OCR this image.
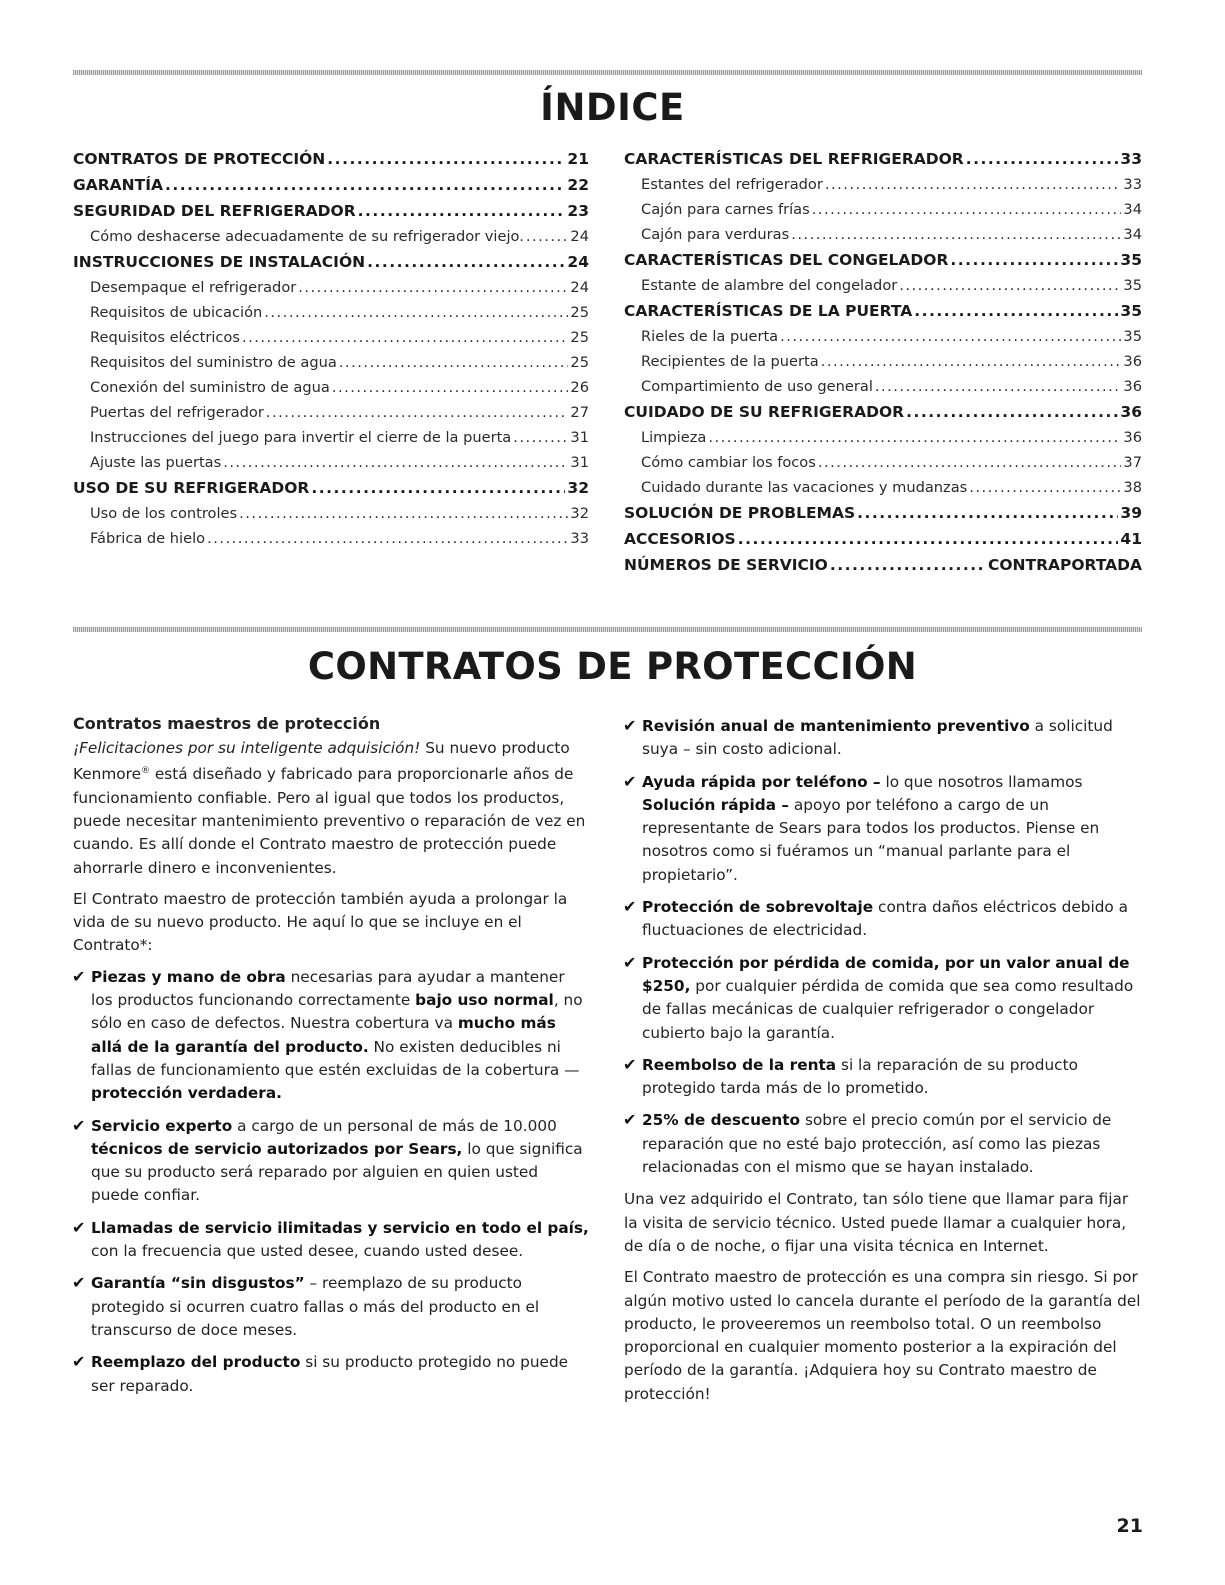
ÍNDICE
CONTRATOS DE PROTECCIÓN .....	21
GARANTÍA .....	22
SEGURIDAD DEL REFRIGERADOR .....	23
Cómo deshacerse adecuadamente de su refrigerador viejo. .....	24
INSTRUCCIONES DE INSTALACIÓN .....	24
Desempaque el refrigerador .....	24
Requisitos de ubicación .....	25
Requisitos eléctricos .....	25
Requisitos del suministro de agua .....	25
Conexión del suministro de agua .....	26
Puertas del refrigerador .....	27
Instrucciones del juego para invertir el cierre de la puerta .....	31
Ajuste las puertas .....	31
USO DE SU REFRIGERADOR .....	32
Uso de los controles .....	32
Fábrica de hielo .....	33
CARACTERÍSTICAS DEL REFRIGERADOR .....	33
Estantes del refrigerador .....	33
Cajón para carnes frías .....	34
Cajón para verduras .....	34
CARACTERÍSTICAS DEL CONGELADOR .....	35
Estante de alambre del congelador .....	35
CARACTERÍSTICAS DE LA PUERTA .....	35
Rieles de la puerta .....	35
Recipientes de la puerta .....	36
Compartimiento de uso general .....	36
CUIDADO DE SU REFRIGERADOR .....	36
Limpieza .....	36
Cómo cambiar los focos .....	37
Cuidado durante las vacaciones y mudanzas .....	38
SOLUCIÓN DE PROBLEMAS .....	39
ACCESORIOS .....	41
NÚMEROS DE SERVICIO .....	CONTRAPORTADA
CONTRATOS DE PROTECCIÓN
Contratos maestros de protección

¡Felicitaciones por su inteligente adquisición! Su nuevo producto Kenmore® está diseñado y fabricado para proporcionarle años de funcionamiento confiable. Pero al igual que todos los productos, puede necesitar mantenimiento preventivo o reparación de vez en cuando. Es allí donde el Contrato maestro de protección puede ahorrarle dinero e inconvenientes.

El Contrato maestro de protección también ayuda a prolongar la vida de su nuevo producto. He aquí lo que se incluye en el Contrato*:

✔ Piezas y mano de obra necesarias para ayudar a mantener los productos funcionando correctamente bajo uso normal, no sólo en caso de defectos. Nuestra cobertura va mucho más allá de la garantía del producto. No existen deducibles ni fallas de funcionamiento que estén excluidas de la cobertura — protección verdadera.
✔ Servicio experto a cargo de un personal de más de 10.000 técnicos de servicio autorizados por Sears, lo que significa que su producto será reparado por alguien en quien usted puede confiar.
✔ Llamadas de servicio ilimitadas y servicio en todo el país, con la frecuencia que usted desee, cuando usted desee.
✔ Garantía “sin disgustos” – reemplazo de su producto protegido si ocurren cuatro fallas o más del producto en el transcurso de doce meses.
✔ Reemplazo del producto si su producto protegido no puede ser reparado.
✔ Revisión anual de mantenimiento preventivo a solicitud suya – sin costo adicional.
✔ Ayuda rápida por teléfono – lo que nosotros llamamos Solución rápida – apoyo por teléfono a cargo de un representante de Sears para todos los productos. Piense en nosotros como si fuéramos un “manual parlante para el propietario”.
✔ Protección de sobrevoltaje contra daños eléctricos debido a fluctuaciones de electricidad.
✔ Protección por pérdida de comida, por un valor anual de $250, por cualquier pérdida de comida que sea como resultado de fallas mecánicas de cualquier refrigerador o congelador cubierto bajo la garantía.
✔ Reembolso de la renta si la reparación de su producto protegido tarda más de lo prometido.
✔ 25% de descuento sobre el precio común por el servicio de reparación que no esté bajo protección, así como las piezas relacionadas con el mismo que se hayan instalado.

Una vez adquirido el Contrato, tan sólo tiene que llamar para fijar la visita de servicio técnico. Usted puede llamar a cualquier hora, de día o de noche, o fijar una visita técnica en Internet.

El Contrato maestro de protección es una compra sin riesgo. Si por algún motivo usted lo cancela durante el período de la garantía del producto, le proveeremos un reembolso total. O un reembolso proporcional en cualquier momento posterior a la expiración del período de la garantía. ¡Adquiera hoy su Contrato maestro de protección!

21
